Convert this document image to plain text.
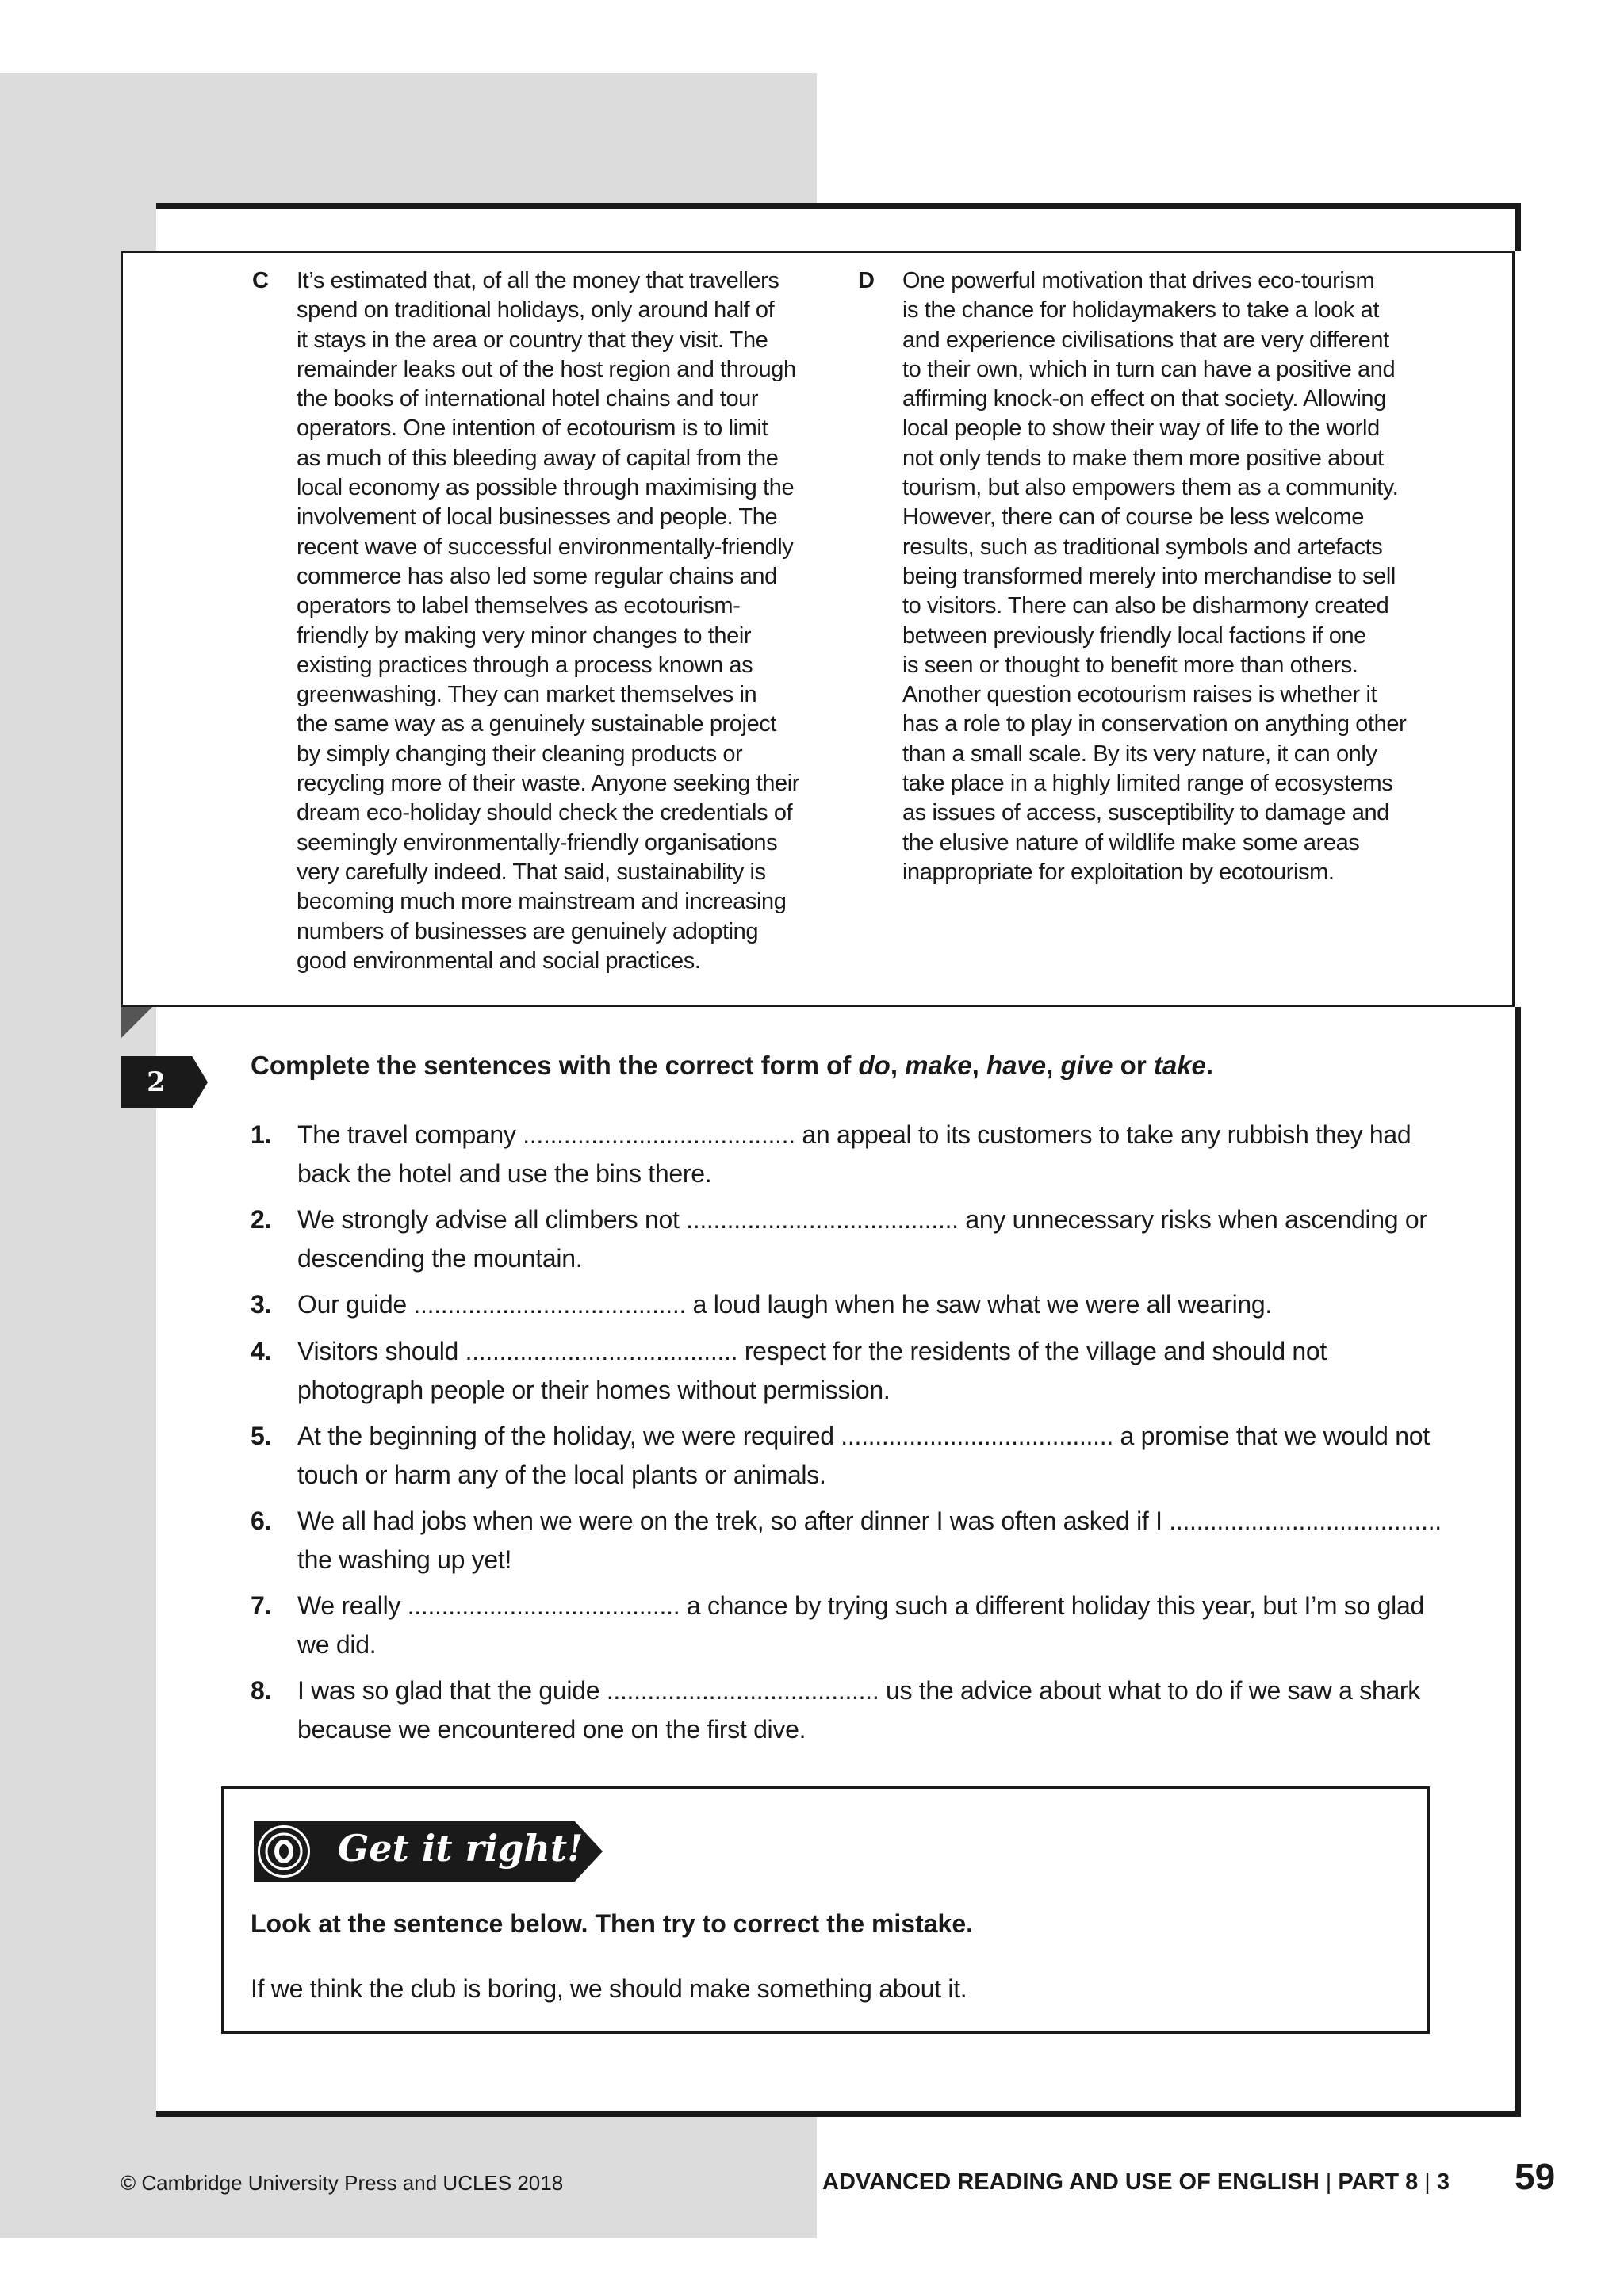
C It’s estimated that, of all the money that travellers
spend on traditional holidays, only around half of
it stays in the area or country that they visit. The
remainder leaks out of the host region and through
the books of international hotel chains and tour
operators. One intention of ecotourism is to limit
as much of this bleeding away of capital from the
local economy as possible through maximising the
involvement of local businesses and people. The
recent wave of successful environmentally-friendly
commerce has also led some regular chains and
operators to label themselves as ecotourism-
friendly by making very minor changes to their
existing practices through a process known as
greenwashing. They can market themselves in
the same way as a genuinely sustainable project
by simply changing their cleaning products or
recycling more of their waste. Anyone seeking their
dream eco-holiday should check the credentials of
seemingly environmentally-friendly organisations
very carefully indeed. That said, sustainability is
becoming much more mainstream and increasing
numbers of businesses are genuinely adopting
good environmental and social practices.
D One powerful motivation that drives eco-tourism
is the chance for holidaymakers to take a look at
and experience civilisations that are very different
to their own, which in turn can have a positive and
affirming knock-on effect on that society. Allowing
local people to show their way of life to the world
not only tends to make them more positive about
tourism, but also empowers them as a community.
However, there can of course be less welcome
results, such as traditional symbols and artefacts
being transformed merely into merchandise to sell
to visitors. There can also be disharmony created
between previously friendly local factions if one
is seen or thought to benefit more than others.
Another question ecotourism raises is whether it
has a role to play in conservation on anything other
than a small scale. By its very nature, it can only
take place in a highly limited range of ecosystems
as issues of access, susceptibility to damage and
the elusive nature of wildlife make some areas
inappropriate for exploitation by ecotourism.
2
Complete the sentences with the correct form of do, make, have, give or take.
1. The travel company ........................................ an appeal to its customers to take any rubbish they had
back the hotel and use the bins there.
2. We strongly advise all climbers not ........................................ any unnecessary risks when ascending or
descending the mountain.
3. Our guide ........................................ a loud laugh when he saw what we were all wearing.
4. Visitors should ........................................ respect for the residents of the village and should not
photograph people or their homes without permission.
5. At the beginning of the holiday, we were required ........................................ a promise that we would not
touch or harm any of the local plants or animals.
6. We all had jobs when we were on the trek, so after dinner I was often asked if I ........................................
the washing up yet!
7. We really ........................................ a chance by trying such a different holiday this year, but I’m so glad
we did.
8. I was so glad that the guide ........................................ us the advice about what to do if we saw a shark
because we encountered one on the first dive.
Get it right!
Look at the sentence below. Then try to correct the mistake.
If we think the club is boring, we should make something about it.
© Cambridge University Press and UCLES 2018	ADVANCED READING AND USE OF ENGLISH | PART 8 | 3 59
